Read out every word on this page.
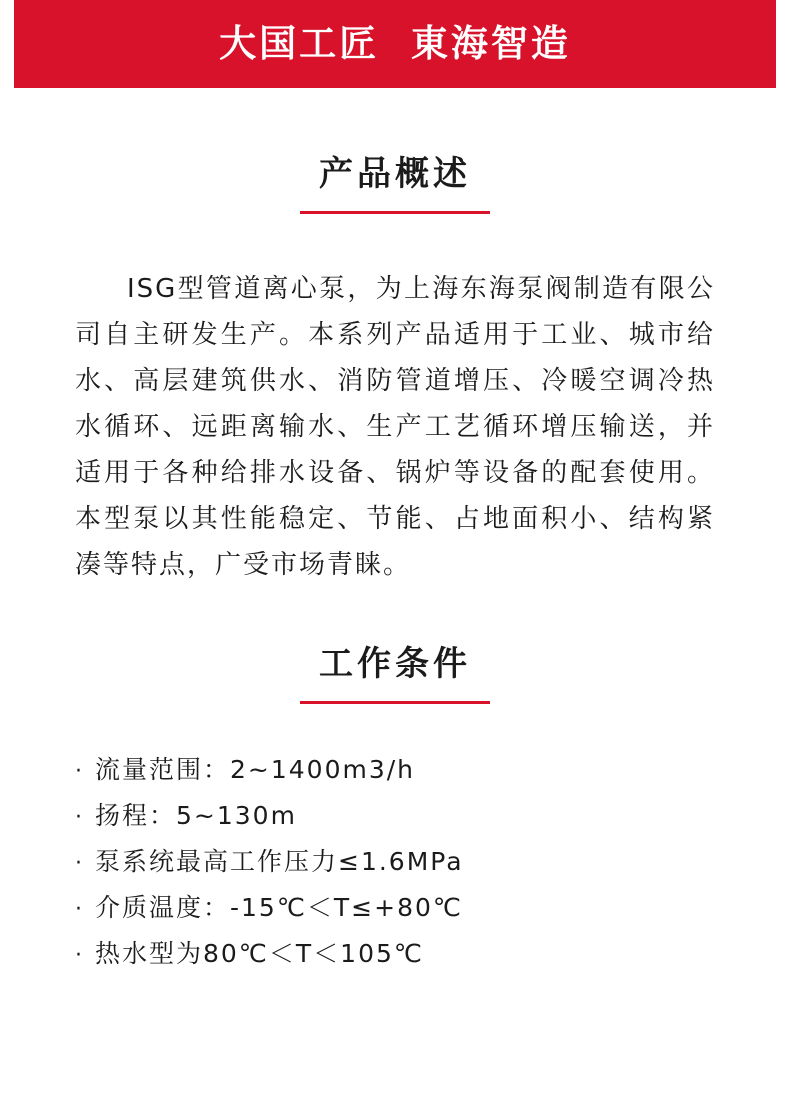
大国工匠  東海智造
产品概述

ISG型管道离心泵，为上海东海泵阀制造有限公司自主研发生产。本系列产品适用于工业、城市给水、高层建筑供水、消防管道增压、冷暖空调冷热水循环、远距离输水、生产工艺循环增压输送，并适用于各种给排水设备、锅炉等设备的配套使用。本型泵以其性能稳定、节能、占地面积小、结构紧凑等特点，广受市场青睐。

工作条件
· 流量范围：2~1400m3/h
· 扬程：5~130m
· 泵系统最高工作压力≤1.6MPa
· 介质温度：-15℃＜T≤+80℃
· 热水型为80℃＜T＜105℃
